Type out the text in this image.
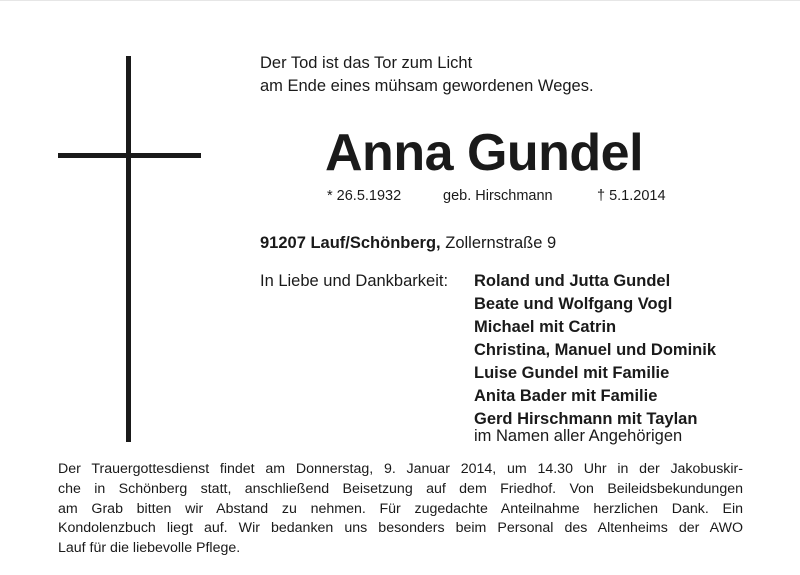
Der Tod ist das Tor zum Licht
am Ende eines mühsam gewordenen Weges.
Anna Gundel
* 26.5.1932	geb. Hirschmann	† 5.1.2014
91207 Lauf/Schönberg, Zollernstraße 9
In Liebe und Dankbarkeit: Roland und Jutta Gundel
Beate und Wolfgang Vogl
Michael mit Catrin
Christina, Manuel und Dominik
Luise Gundel mit Familie
Anita Bader mit Familie
Gerd Hirschmann mit Taylan
im Namen aller Angehörigen

Der Trauergottesdienst findet am Donnerstag, 9. Januar 2014, um 14.30 Uhr in der Jakobuskir-

che in Schönberg statt, anschließend Beisetzung auf dem Friedhof. Von Beileidsbekundungen

am Grab bitten wir Abstand zu nehmen. Für zugedachte Anteilnahme herzlichen Dank. Ein

Kondolenzbuch liegt auf. Wir bedanken uns besonders beim Personal des Altenheims der AWO

Lauf für die liebevolle Pflege.
